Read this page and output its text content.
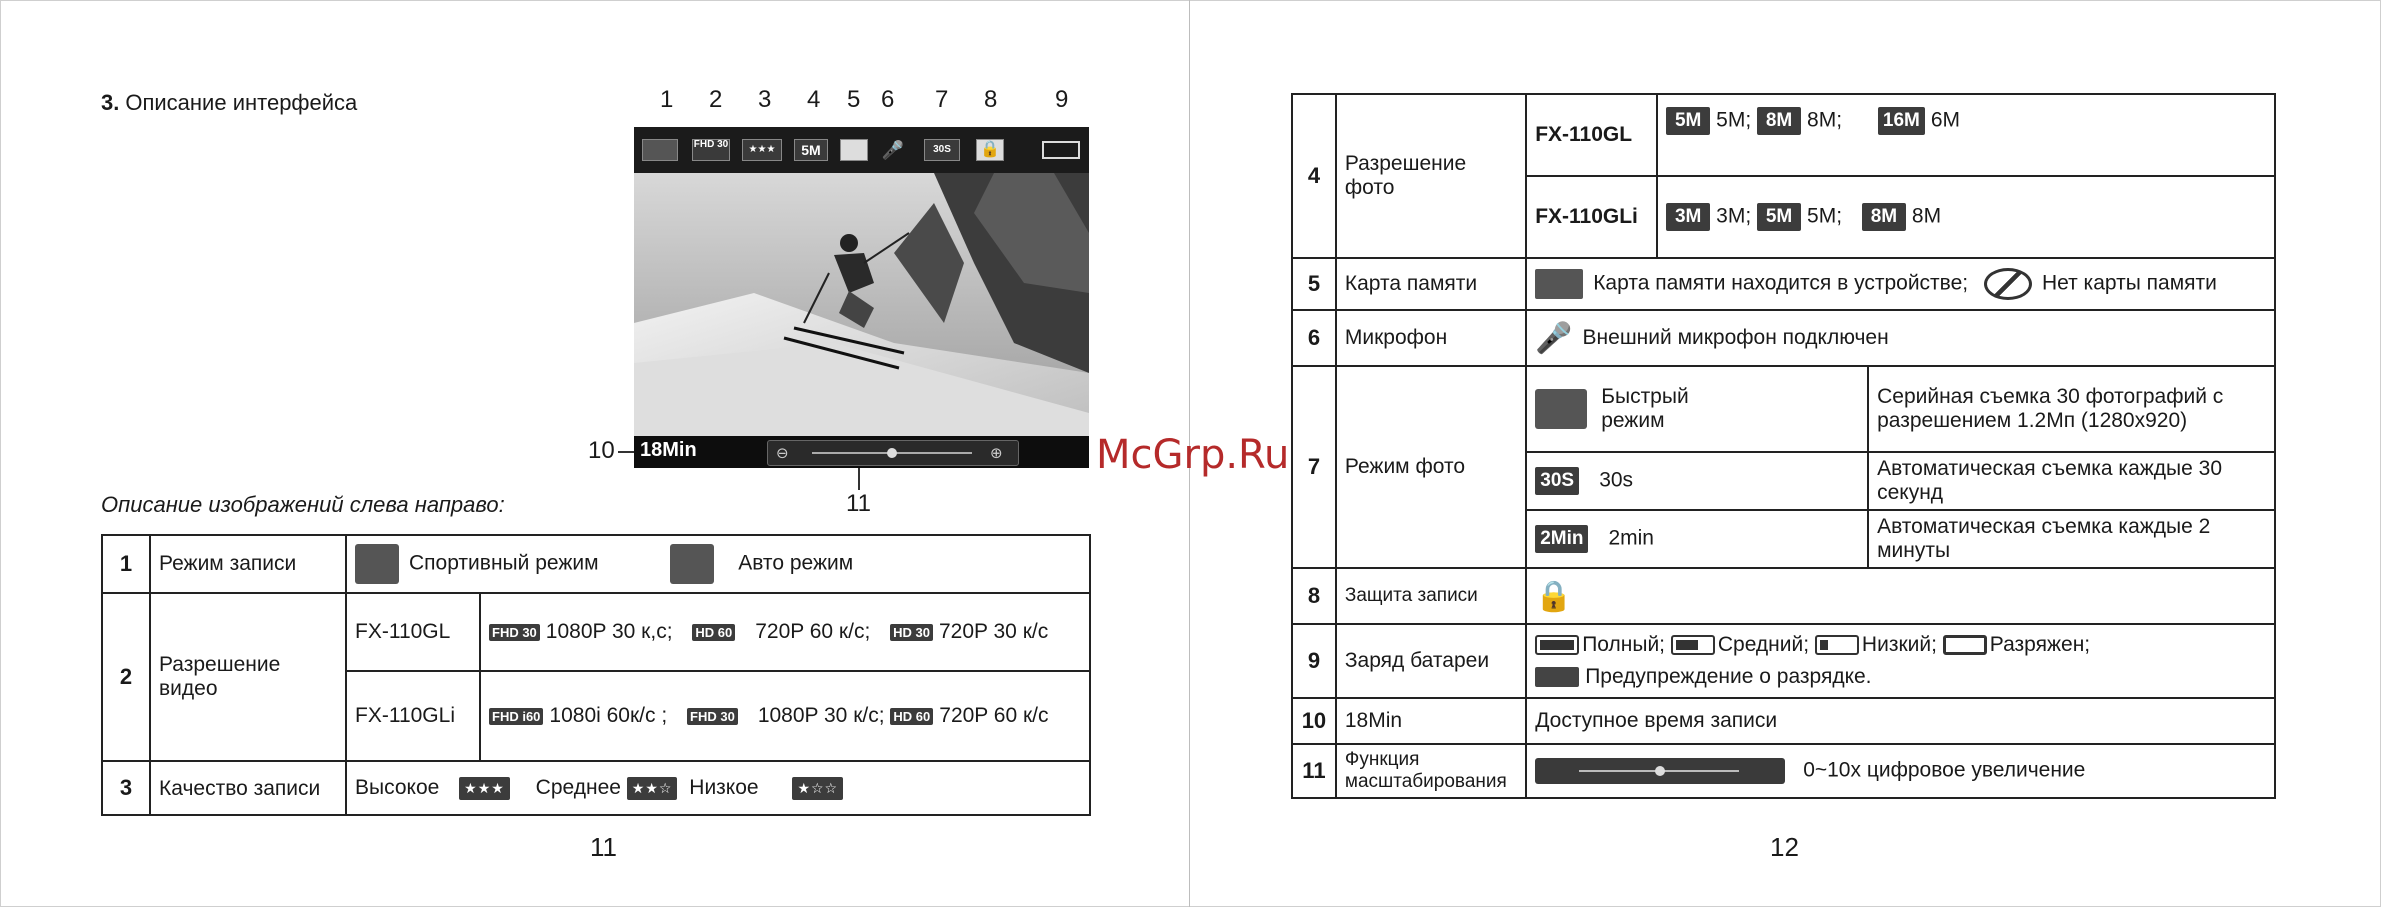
3. Описание интерфейса	1 2 3 4 5 6 7 8 9
10
11
FHD 30	★★★	5M	🎤	30S	🔒
18Min	⊖	⊕
Описание изображений слева направо:
1	Режим записи	Спортивный режим Авто режим	
2	Разрешение видео	FX-110GL	FHD 30 1080P 30 к,с; HD 60 720P 60 к/с; HD 30 720P 30 к/с
		FX-110GLi	FHD i60 1080i 60к/с ; FHD 30 1080P 30 к/с; HD 60 720P 60 к/с
3	Качество записи	Высокое ★★★ Среднее ★★☆ Низкое ★☆☆	
11
4	Разрешение фото	FX-110GL	5M 5M; 8M 8M; 16M 6M	
		FX-110GLi	3M 3M; 5M 5M; 8M 8M	
5	Карта памяти	Карта памяти находится в устройстве; Нет карты памяти		
6	Микрофон	🎤 Внешний микрофон подключен		
7	Режим фото	Быстрый режим		Серийная съемка 30 фотографий с разрешением 1.2Мп (1280x920)
		30S 30s		Автоматическая съемка каждые 30 секунд
		2Min 2min		Автоматическая съемка каждые 2 минуты
8	Защита записи	🔒		
9	Заряд батареи	Полный; Средний; Низкий; Разряжен;
Предупреждение о разрядке.		
10	18Min	Доступное время записи		
11	Функция масштабирования	0~10x цифровое увеличение		
12
McGrp.Ru
